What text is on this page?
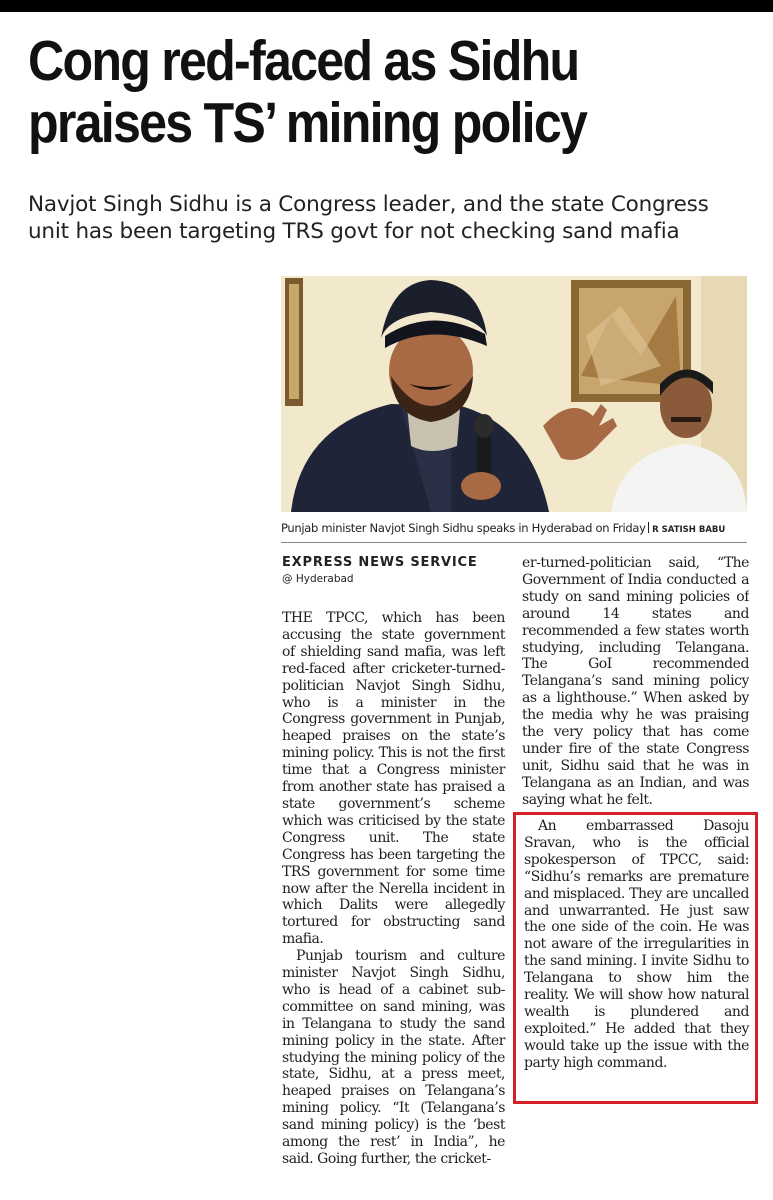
Cong red-faced as Sidhu
praises TS’ mining policy
Navjot Singh Sidhu is a Congress leader, and the state Congress
unit has been targeting TRS govt for not checking sand mafia
Punjab minister Navjot Singh Sidhu speaks in Hyderabad on Friday R SATISH BABU
EXPRESS NEWS SERVICE
@ Hyderabad

THE TPCC, which has been accusing the state government of shielding sand mafia, was left red-faced after cricketer-turned-politician Navjot Singh Sidhu, who is a minister in the Congress government in Punjab, heaped praises on the state’s mining policy. This is not the first time that a Congress minister from another state has praised a state government’s scheme which was criticised by the state Congress unit. The state Congress has been targeting the TRS government for some time now after the Nerella incident in which Dalits were allegedly tortured for obstructing sand mafia.

Punjab tourism and culture minister Navjot Singh Sidhu, who is head of a cabinet sub-committee on sand mining, was in Telangana to study the sand mining policy in the state. After studying the mining policy of the state, Sidhu, at a press meet, heaped praises on Telangana’s mining policy. “It (Telangana’s sand mining policy) is the ‘best among the rest’ in India”, he said. Going further, the cricket-

er-turned-politician said, “The Government of India conducted a study on sand mining policies of around 14 states and recommended a few states worth studying, including Telangana. The GoI recommended Telangana’s sand mining policy as a lighthouse.” When asked by the media why he was praising the very policy that has come under fire of the state Congress unit, Sidhu said that he was in Telangana as an Indian, and was saying what he felt.

An embarrassed Dasoju Sravan, who is the official spokesperson of TPCC, said: “Sidhu’s remarks are premature and misplaced. They are uncalled and unwarranted. He just saw the one side of the coin. He was not aware of the irregularities in the sand mining. I invite Sidhu to Telangana to show him the reality. We will show how natural wealth is plundered and exploited.” He added that they would take up the issue with the party high command.
